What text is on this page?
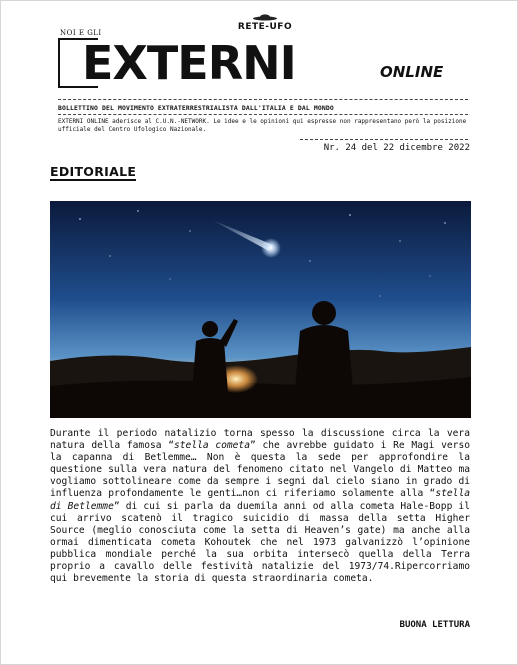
RETE-UFO
NOI E GLI
EXTERNI	ONLINE
BOLLETTINO DEL MOVIMENTO EXTRATERRESTRIALISTA DALL'ITALIA E DAL MONDO
EXTERNI ONLINE aderisce al C.U.N.-NETWORK. Le idee e le opinioni qui espresse non rappresentano però la posizione ufficiale del Centro Ufologico Nazionale.
Nr. 24 del 22 dicembre 2022
EDITORIALE

Durante il periodo natalizio torna spesso la discussione circa la vera natura della famosa “stella cometa” che avrebbe guidato i Re Magi verso la capanna di Betlemme… Non è questa la sede per approfondire la questione sulla vera natura del fenomeno citato nel Vangelo di Matteo ma vogliamo sottolineare come da sempre i segni dal cielo siano in grado di influenza profondamente le genti…non ci riferiamo solamente alla “stella di Betlemme” di cui si parla da duemila anni od alla cometa Hale-Bopp il cui arrivo scatenò il tragico suicidio di massa della setta Higher Source (meglio conosciuta come la setta di Heaven’s gate) ma anche alla ormai dimenticata cometa Kohoutek che nel 1973 galvanizzò l’opinione pubblica mondiale perché la sua orbita intersecò quella della Terra proprio a cavallo delle festività natalizie del 1973/74.Ripercorriamo qui brevemente la storia di questa straordinaria cometa.

BUONA LETTURA
